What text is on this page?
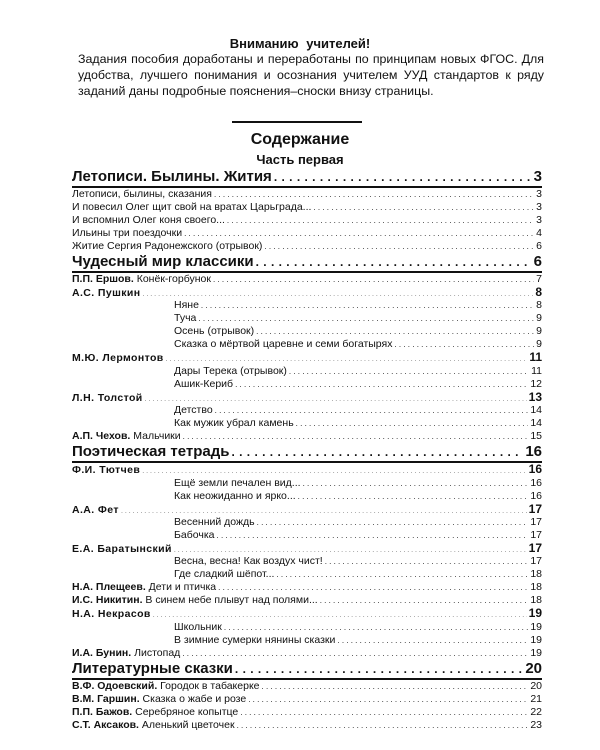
Вниманию учителей!
Задания пособия доработаны и переработаны по принципам новых ФГОС. Для удобства, лучшего понимания и осознания учителем УУД стандартов к ряду заданий даны подробные пояснения–сноски внизу страницы.
Содержание
Часть первая
Летописи. Былины. Жития . . .	3
Летописи, былины, сказания . . .	3
И повесил Олег щит свой на вратах Царьграда... . . .	3
И вспомнил Олег коня своего... . . .	3
Ильины три поездочки . . .	4
Житие Сергия Радонежского (отрывок) . . .	6
Чудесный мир классики . . .	6
П.П. Ершов. Конёк-горбунок . . .	7
А.С. Пушкин . . .	8
Няне . . .	8
Туча . . .	9
Осень (отрывок) . . .	9
Сказка о мёртвой царевне и семи богатырях . . .	9
М.Ю. Лермонтов . . .	11
Дары Терека (отрывок) . . .	11
Ашик-Кериб . . .	12
Л.Н. Толстой . . .	13
Детство . . .	14
Как мужик убрал камень . . .	14
А.П. Чехов. Мальчики . . .	15
Поэтическая тетрадь . . .	16
Ф.И. Тютчев . . .	16
Ещё земли печален вид... . . .	16
Как неожиданно и ярко... . . .	16
А.А. Фет . . .	17
Весенний дождь . . .	17
Бабочка . . .	17
Е.А. Баратынский . . .	17
Весна, весна! Как воздух чист! . . .	17
Где сладкий шёпот... . . .	18
Н.А. Плещеев. Дети и птичка . . .	18
И.С. Никитин. В синем небе плывут над полями... . . .	18
Н.А. Некрасов . . .	19
Школьник . . .	19
В зимние сумерки нянины сказки . . .	19
И.А. Бунин. Листопад . . .	19
Литературные сказки . . .	20
В.Ф. Одоевский. Городок в табакерке . . .	20
В.М. Гаршин. Сказка о жабе и розе . . .	21
П.П. Бажов. Серебряное копытце . . .	22
С.Т. Аксаков. Аленький цветочек . . .	23
